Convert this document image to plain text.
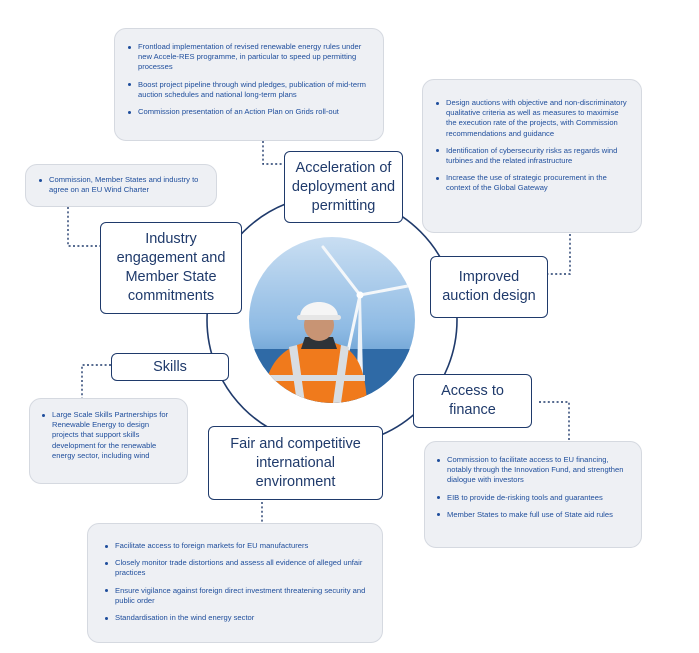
Frontload implementation of revised renewable energy rules under new Accele-RES programme, in particular to speed up permitting processes
Boost project pipeline through wind pledges, publication of mid-term auction schedules and national long-term plans
Commission presentation of an Action Plan on Grids roll-out
Commission, Member States and industry to agree on an EU Wind Charter
Design auctions with objective and non-discriminatory qualitative criteria as well as measures to maximise the execution rate of the projects, with Commission recommendations and guidance
Identification of cybersecurity risks as regards wind turbines and the related infrastructure
Increase the use of strategic procurement in the context of the Global Gateway
Large Scale Skills Partnerships for Renewable Energy to design projects that support skills development for the renewable energy sector, including wind	Commission to facilitate access to EU financing, notably through the Innovation Fund, and strengthen dialogue with investors
EIB to provide de-risking tools and guarantees
Member States to make full use of State aid rules
Facilitate access to foreign markets for EU manufacturers
Closely monitor trade distortions and assess all evidence of alleged unfair practices
Ensure vigilance against foreign direct investment threatening security and public order
Standardisation in the wind energy sector
Acceleration of deployment and permitting
Industry engagement and Member State commitments
Improved auction design
Skills
Access to finance
Fair and competitive international environment
